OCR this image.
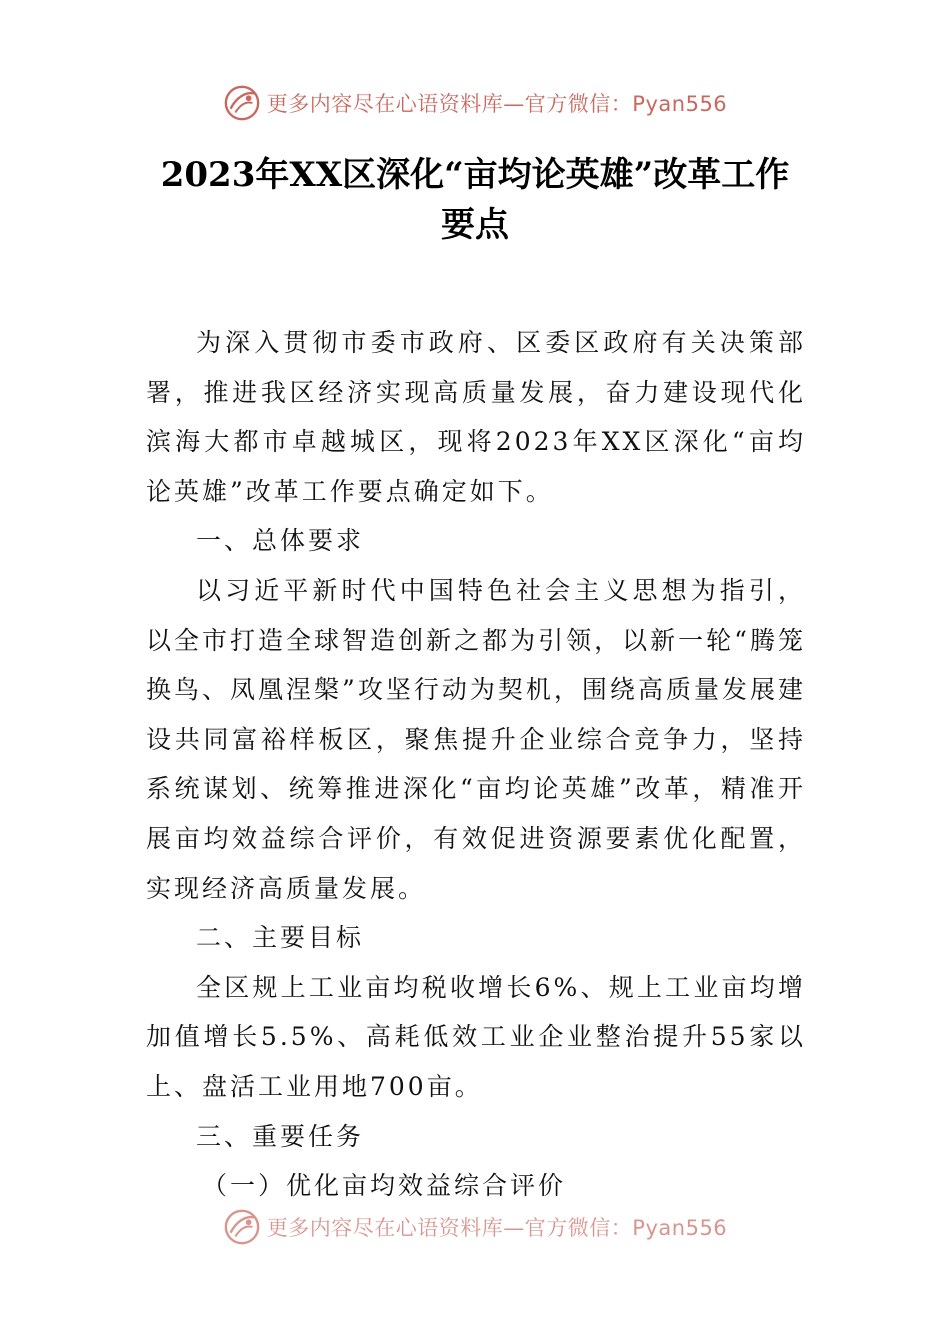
更多内容尽在心语资料库—官方微信：Pyan556
2023年XX区深化“亩均论英雄”改革工作要点

为深入贯彻市委市政府、区委区政府有关决策部署，推进我区经济实现高质量发展，奋力建设现代化滨海大都市卓越城区，现将2023年XX区深化“亩均论英雄”改革工作要点确定如下。

一、总体要求

以习近平新时代中国特色社会主义思想为指引，以全市打造全球智造创新之都为引领，以新一轮“腾笼换鸟、凤凰涅槃”攻坚行动为契机，围绕高质量发展建设共同富裕样板区，聚焦提升企业综合竞争力，坚持系统谋划、统筹推进深化“亩均论英雄”改革，精准开展亩均效益综合评价，有效促进资源要素优化配置，实现经济高质量发展。

二、主要目标

全区规上工业亩均税收增长6%、规上工业亩均增加值增长5.5%、高耗低效工业企业整治提升55家以上、盘活工业用地700亩。

三、重要任务

（一）优化亩均效益综合评价

更多内容尽在心语资料库—官方微信：Pyan556
